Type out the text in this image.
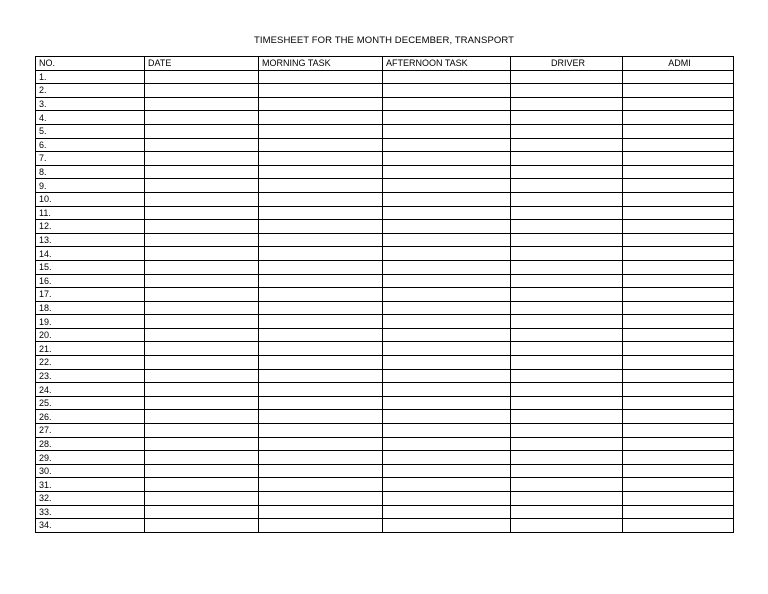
TIMESHEET FOR THE MONTH DECEMBER, TRANSPORT
NO.	DATE	MORNING TASK	AFTERNOON TASK	DRIVER	ADMI
1.					
2.					
3.					
4.					
5.					
6.					
7.					
8.					
9.					
10.					
11.					
12.					
13.					
14.					
15.					
16.					
17.					
18.					
19.					
20.					
21.					
22.					
23.					
24.					
25.					
26.					
27.					
28.					
29.					
30.					
31.					
32.					
33.					
34.					
